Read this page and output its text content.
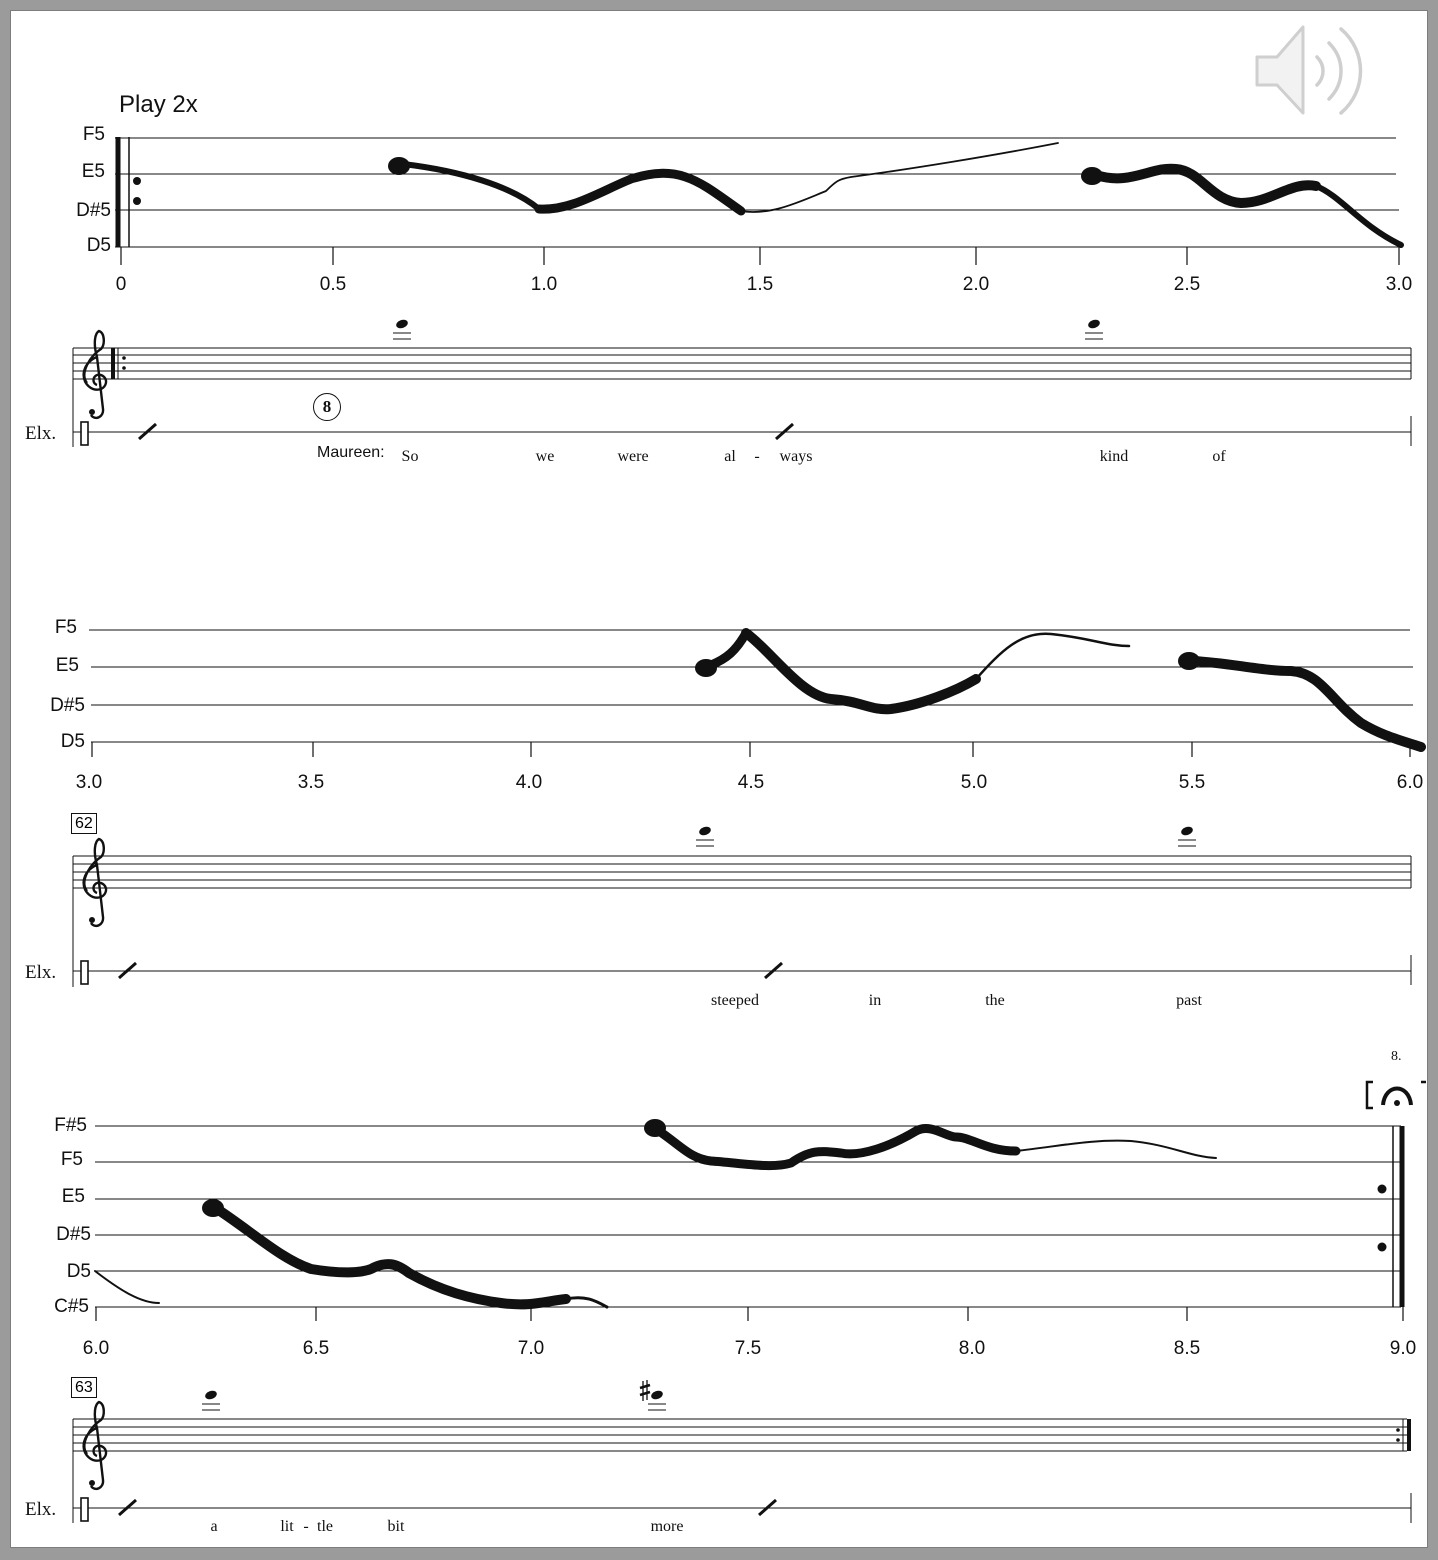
Play 2x
F5
E5
D#5
D5
0	0.5	1.0	1.5	2.0	2.5	3.0
Elx.
8
Maureen: So	we	were	al - ways	kind	of
F5
E5
D#5
D5
3.0	3.5	4.0	4.5	5.0	5.5	6.0
62
Elx.
steeped	in	the	past
F#5
F5
E5
D#5
D5
C#5
6.0	6.5	7.0	7.5	8.0	8.5	9.0
8.
63
Elx.
a	lit - tle	bit	more
